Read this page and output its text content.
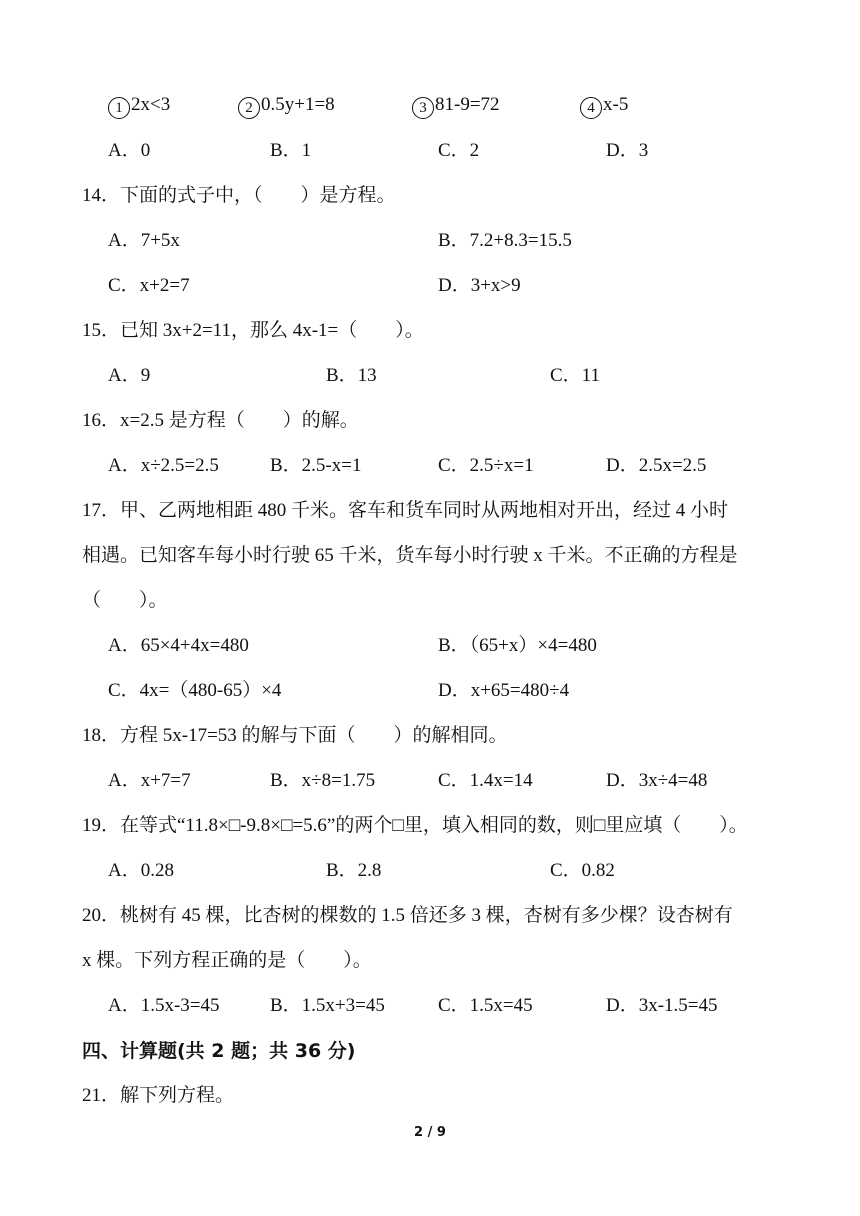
1 2x<3	2 0.5y+1=8	3 81-9=72	4 x-5
A．0	B．1	C．2	D．3
14．下面的式子中，（　　）是方程。
A．7+5x	B．7.2+8.3=15.5
C．x+2=7	D．3+x>9
15．已知 3x+2=11，那么 4x-1=（　　）。
A．9	B．13	C．11
16．x=2.5 是方程（　　）的解。
A．x÷2.5=2.5	B．2.5-x=1	C．2.5÷x=1	D．2.5x=2.5
17．甲、乙两地相距 480 千米。客车和货车同时从两地相对开出，经过 4 小时
相遇。已知客车每小时行驶 65 千米，货车每小时行驶 x 千米。不正确的方程是
（　　）。
A．65×4+4x=480	B．（65+x）×4=480
C．4x=（480-65）×4	D．x+65=480÷4
18．方程 5x-17=53 的解与下面（　　）的解相同。
A．x+7=7	B．x÷8=1.75	C．1.4x=14	D．3x÷4=48
19．在等式“11.8×□-9.8×□=5.6”的两个□里，填入相同的数，则□里应填（　　）。
A．0.28	B．2.8	C．0.82
20．桃树有 45 棵，比杏树的棵数的 1.5 倍还多 3 棵，杏树有多少棵？设杏树有
x 棵。下列方程正确的是（　　）。
A．1.5x-3=45	B．1.5x+3=45	C．1.5x=45	D．3x-1.5=45
四、计算题(共 2 题；共 36 分)
21．解下列方程。
2 / 9
